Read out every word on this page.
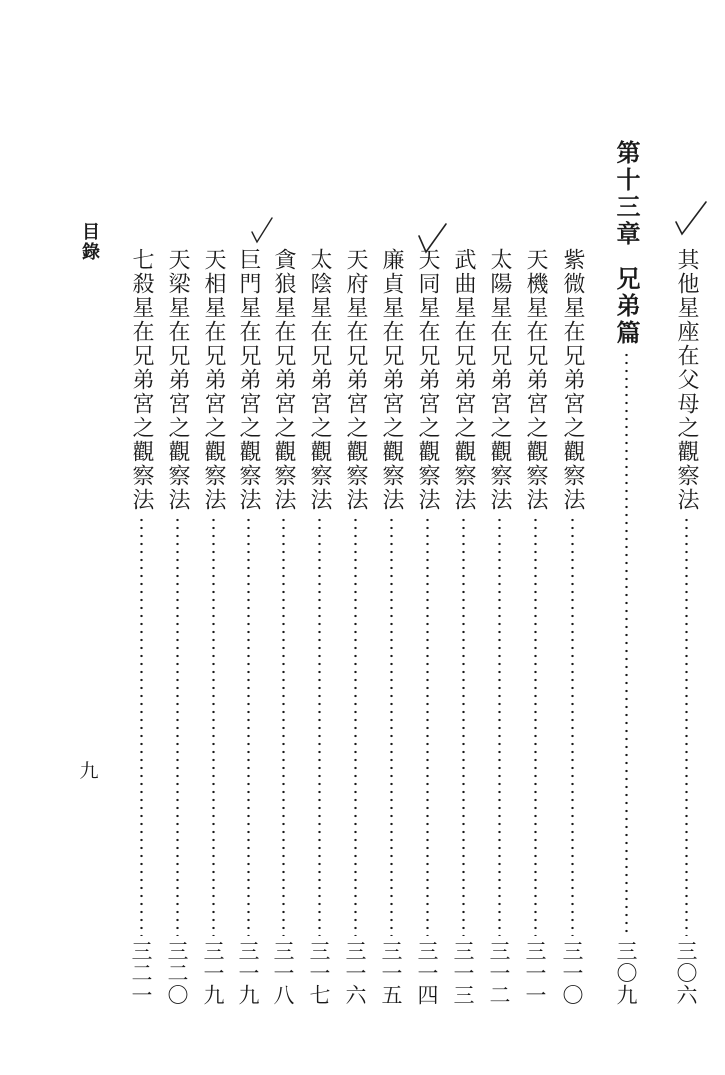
其他星座在父母之觀察法
三〇六
第十三章
兄弟篇
三〇九
紫微星在兄弟宮之觀察法
三一〇
天機星在兄弟宮之觀察法
三一一
太陽星在兄弟宮之觀察法
三一二
武曲星在兄弟宮之觀察法
三一三
天同星在兄弟宮之觀察法
三一四
廉貞星在兄弟宮之觀察法
三一五
天府星在兄弟宮之觀察法
三一六
太陰星在兄弟宮之觀察法
三一七
貪狼星在兄弟宮之觀察法
三一八
巨門星在兄弟宮之觀察法
三一九
天相星在兄弟宮之觀察法
三一九
天梁星在兄弟宮之觀察法
三二〇
七殺星在兄弟宮之觀察法
三二一
目錄
九
